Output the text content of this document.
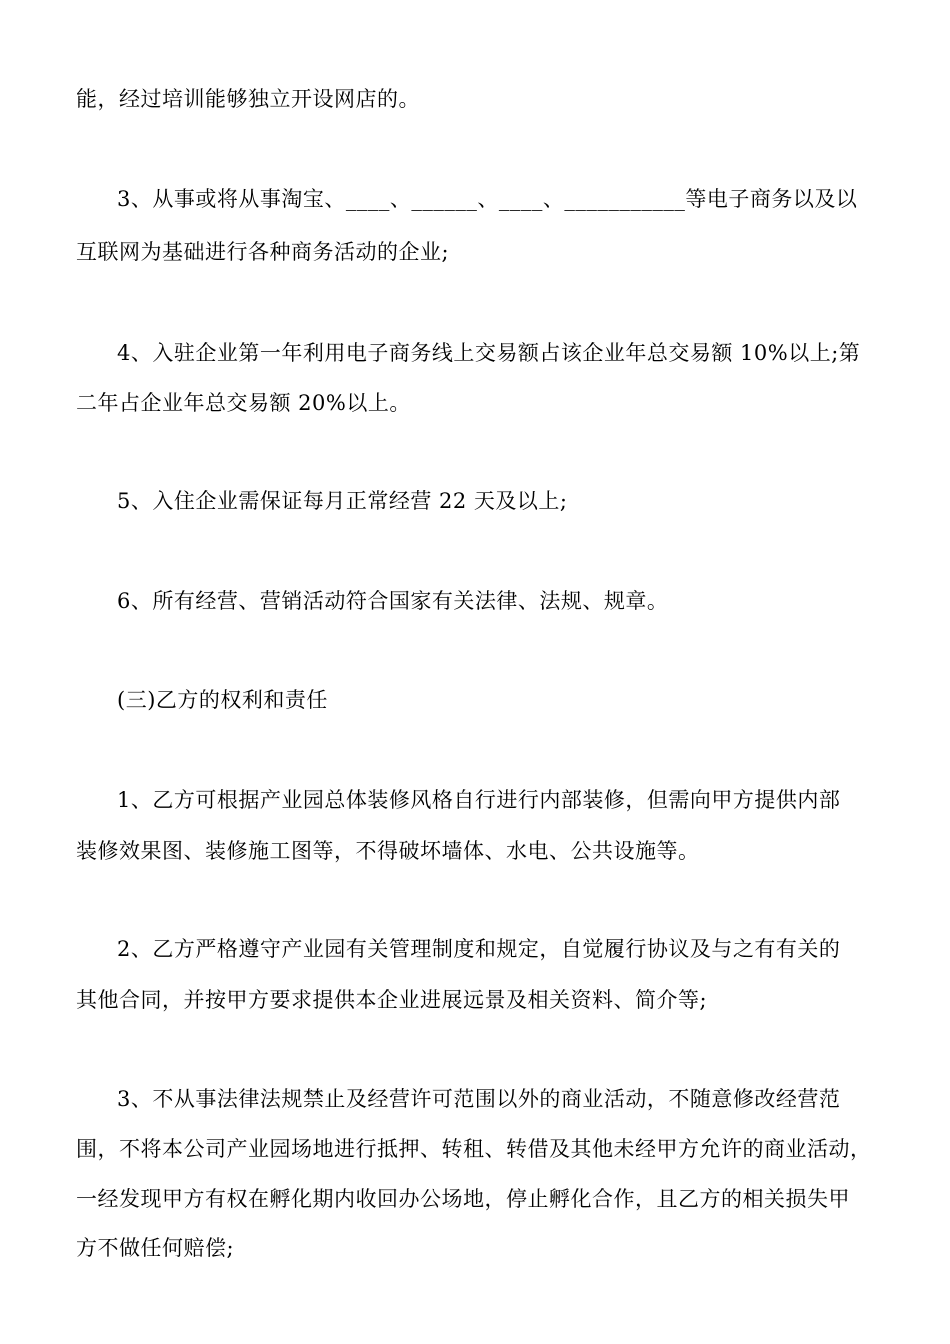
能，经过培训能够独立开设网店的。
3、从事或将从事淘宝、____、______、____、___________等电子商务以及以
互联网为基础进行各种商务活动的企业;
4、入驻企业第一年利用电子商务线上交易额占该企业年总交易额 10%以上;第
二年占企业年总交易额 20%以上。
5、入住企业需保证每月正常经营 22 天及以上;
6、所有经营、营销活动符合国家有关法律、法规、规章。
(三)乙方的权利和责任
1、乙方可根据产业园总体装修风格自行进行内部装修，但需向甲方提供内部
装修效果图、装修施工图等，不得破坏墙体、水电、公共设施等。
2、乙方严格遵守产业园有关管理制度和规定，自觉履行协议及与之有有关的
其他合同，并按甲方要求提供本企业进展远景及相关资料、简介等;
3、不从事法律法规禁止及经营许可范围以外的商业活动，不随意修改经营范
围，不将本公司产业园场地进行抵押、转租、转借及其他未经甲方允许的商业活动，
一经发现甲方有权在孵化期内收回办公场地，停止孵化合作，且乙方的相关损失甲
方不做任何赔偿;
